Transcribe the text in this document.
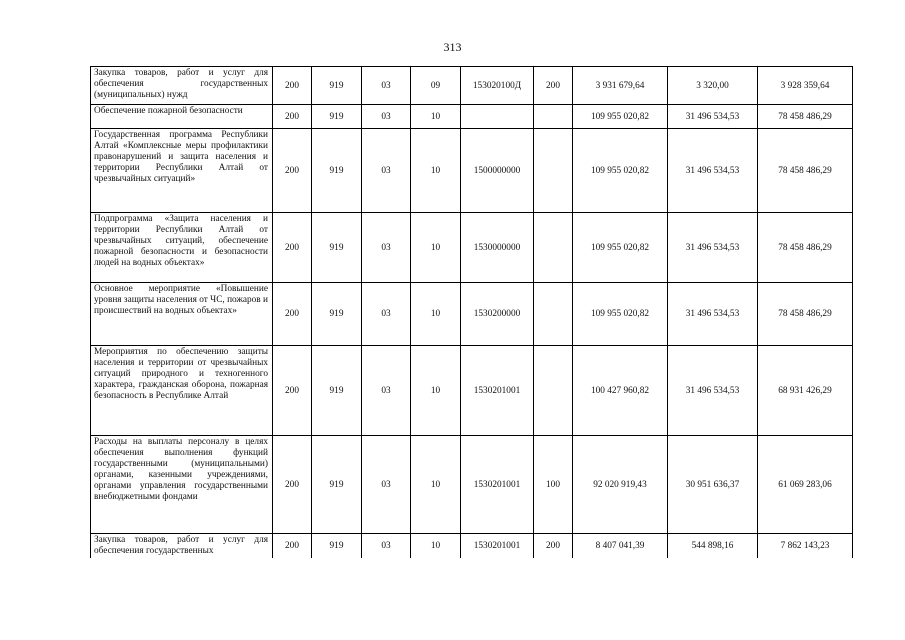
313
Закупка товаров, работ и услуг для обеспечения государственных (муниципальных) нужд	200	919	03	09	153020100Д	200	3 931 679,64	3 320,00	3 928 359,64
Обеспечение пожарной безопасности	200	919	03	10			109 955 020,82	31 496 534,53	78 458 486,29
Государственная программа Республики Алтай «Комплексные меры профилактики правонарушений и защита населения и территории Республики Алтай от чрезвычайных ситуаций»	200	919	03	10	1500000000		109 955 020,82	31 496 534,53	78 458 486,29
Подпрограмма «Защита населения и территории Республики Алтай от чрезвычайных ситуаций, обеспечение пожарной безопасности и безопасности людей на водных объектах»	200	919	03	10	1530000000		109 955 020,82	31 496 534,53	78 458 486,29
Основное мероприятие «Повышение уровня защиты населения от ЧС, пожаров и происшествий на водных объектах»	200	919	03	10	1530200000		109 955 020,82	31 496 534,53	78 458 486,29
Мероприятия по обеспечению защиты населения и территории от чрезвычайных ситуаций природного и техногенного характера, гражданская оборона, пожарная безопасность в Республике Алтай	200	919	03	10	1530201001		100 427 960,82	31 496 534,53	68 931 426,29
Расходы на выплаты персоналу в целях обеспечения выполнения функций государственными (муниципальными) органами, казенными учреждениями, органами управления государственными внебюджетными фондами	200	919	03	10	1530201001	100	92 020 919,43	30 951 636,37	61 069 283,06
Закупка товаров, работ и услуг для обеспечения государственных	200	919	03	10	1530201001	200	8 407 041,39	544 898,16	7 862 143,23
